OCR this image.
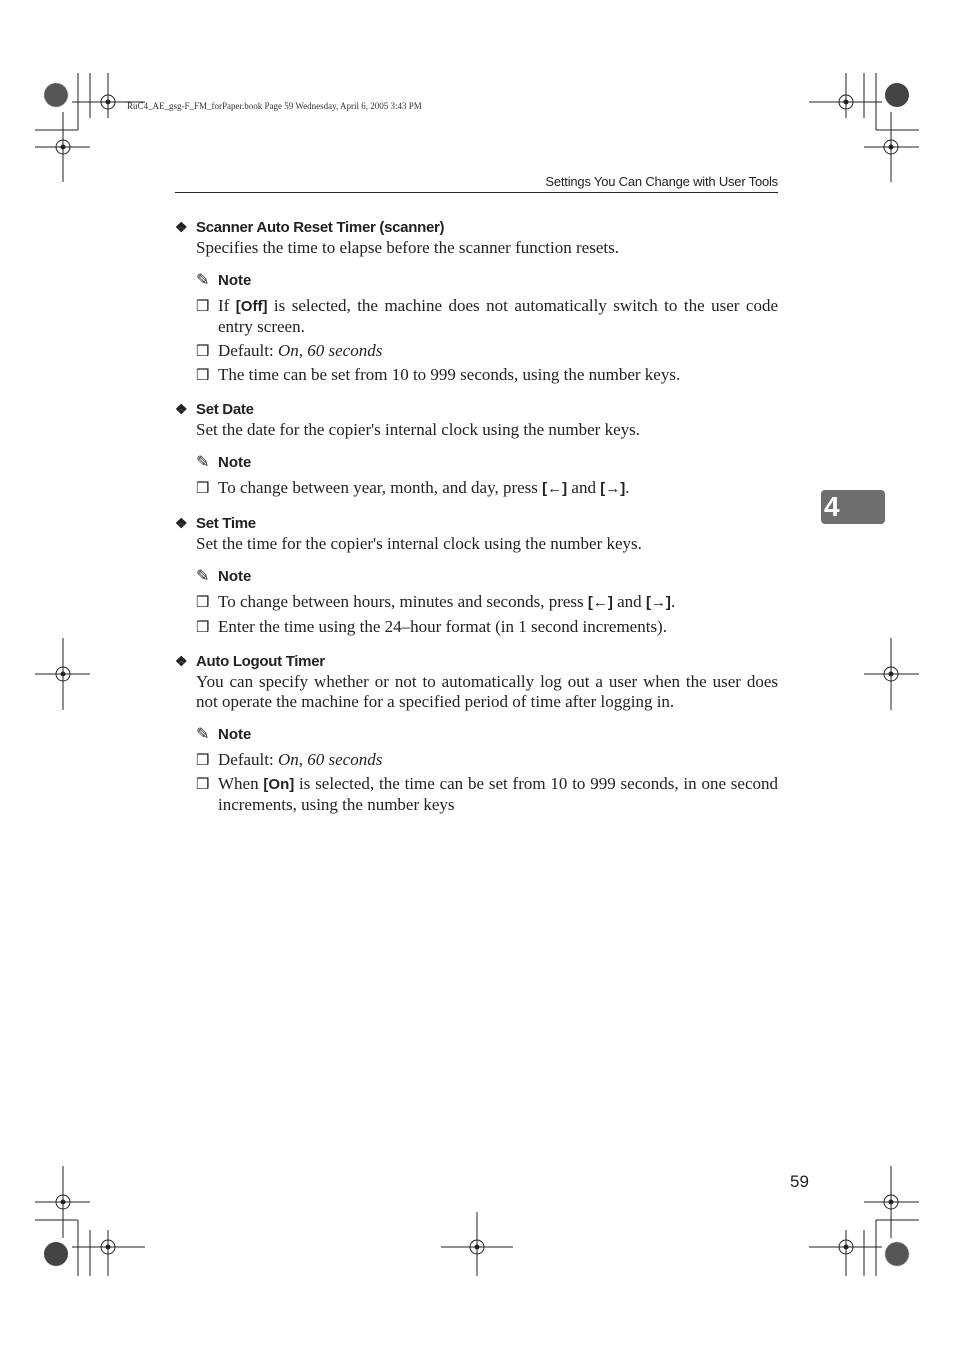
RuC4_AE_gsg-F_FM_forPaper.book Page 59 Wednesday, April 6, 2005 3:43 PM
Settings You Can Change with User Tools
4
❖ Scanner Auto Reset Timer (scanner)
Specifies the time to elapse before the scanner function resets.
✎ Note
❒ If [Off] is selected, the machine does not automatically switch to the user code entry screen.
❒ Default: On, 60 seconds
❒ The time can be set from 10 to 999 seconds, using the number keys.
❖ Set Date
Set the date for the copier's internal clock using the number keys.
✎ Note
❒ To change between year, month, and day, press [←] and [→].
❖ Set Time
Set the time for the copier's internal clock using the number keys.
✎ Note
❒ To change between hours, minutes and seconds, press [←] and [→].
❒ Enter the time using the 24–hour format (in 1 second increments).
❖ Auto Logout Timer
You can specify whether or not to automatically log out a user when the user does not operate the machine for a specified period of time after logging in.
✎ Note
❒ Default: On, 60 seconds
❒ When [On] is selected, the time can be set from 10 to 999 seconds, in one second increments, using the number keys
59
